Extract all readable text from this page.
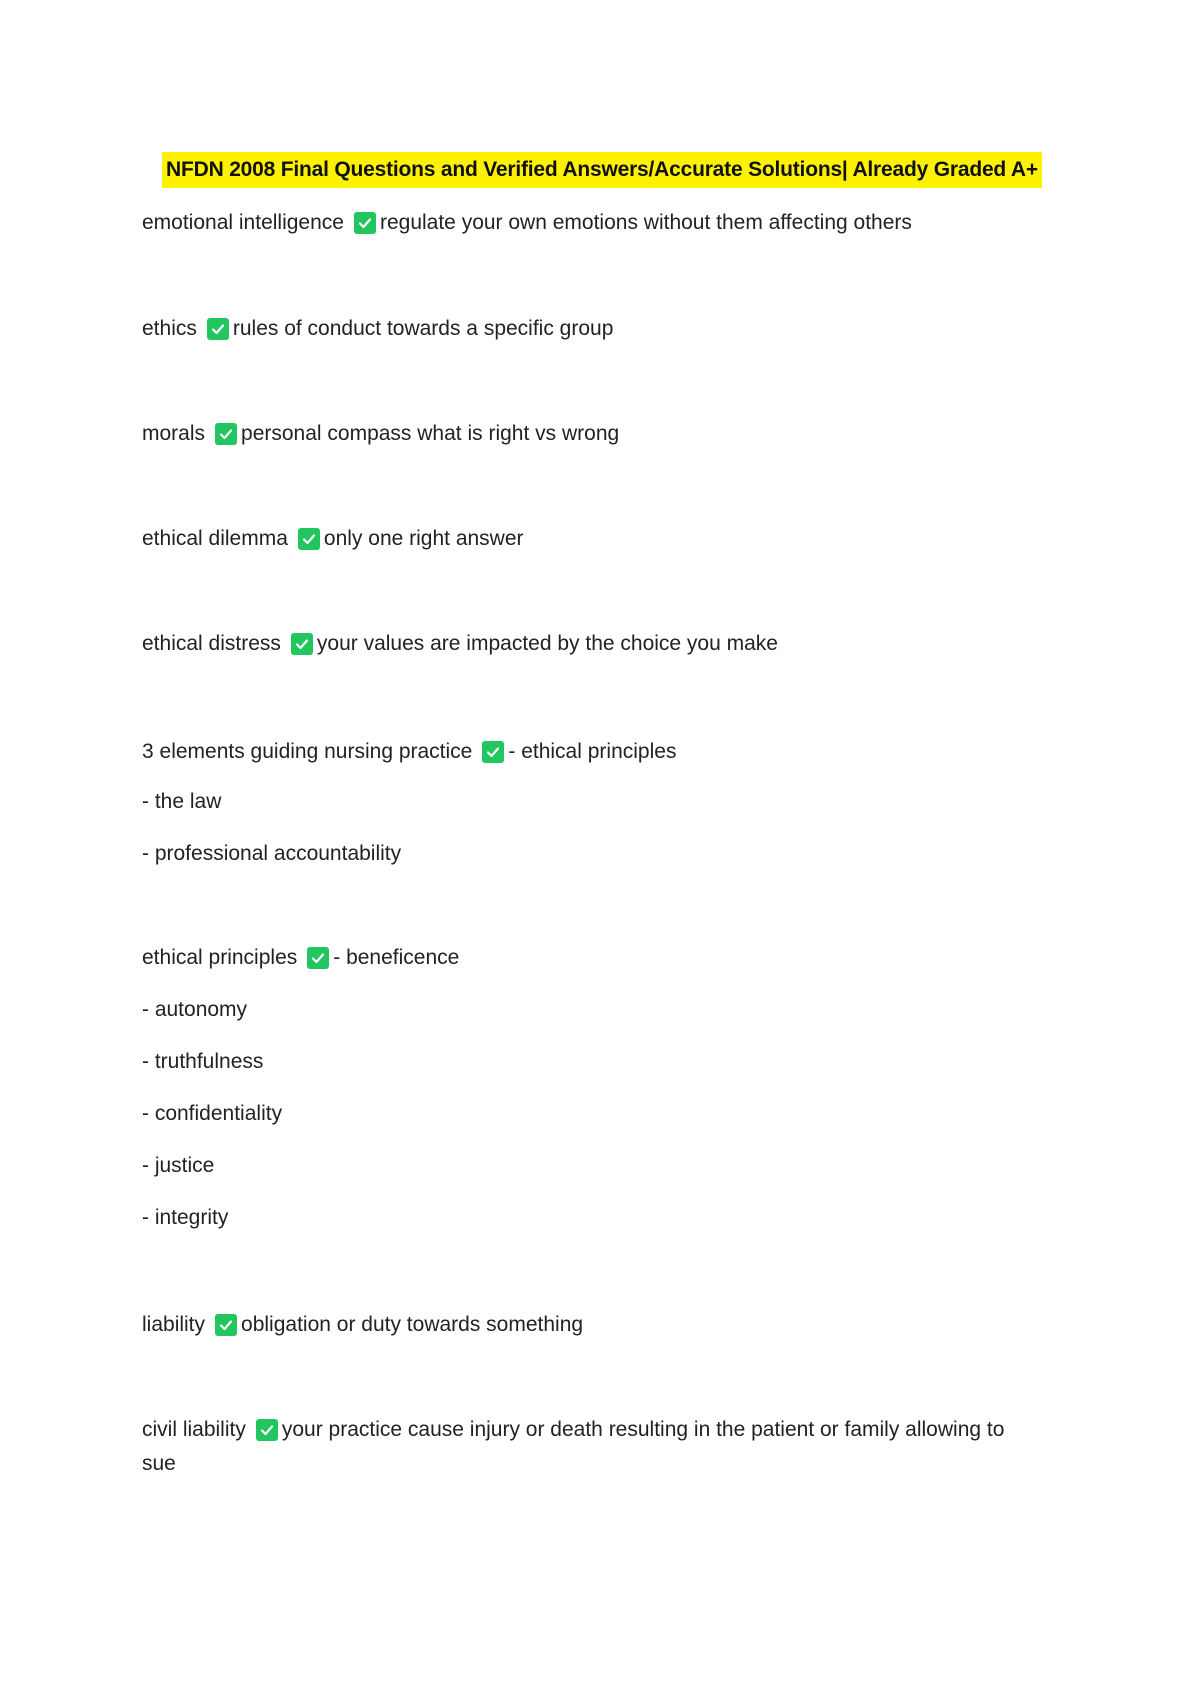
NFDN 2008 Final Questions and Verified Answers/Accurate Solutions| Already Graded A+
emotional intelligence regulate your own emotions without them affecting others
ethics rules of conduct towards a specific group
morals personal compass what is right vs wrong
ethical dilemma only one right answer
ethical distress your values are impacted by the choice you make
3 elements guiding nursing practice - ethical principles
- the law
- professional accountability
ethical principles - beneficence
- autonomy
- truthfulness
- confidentiality
- justice
- integrity
liability obligation or duty towards something
civil liability your practice cause injury or death resulting in the patient or family allowing to
sue
